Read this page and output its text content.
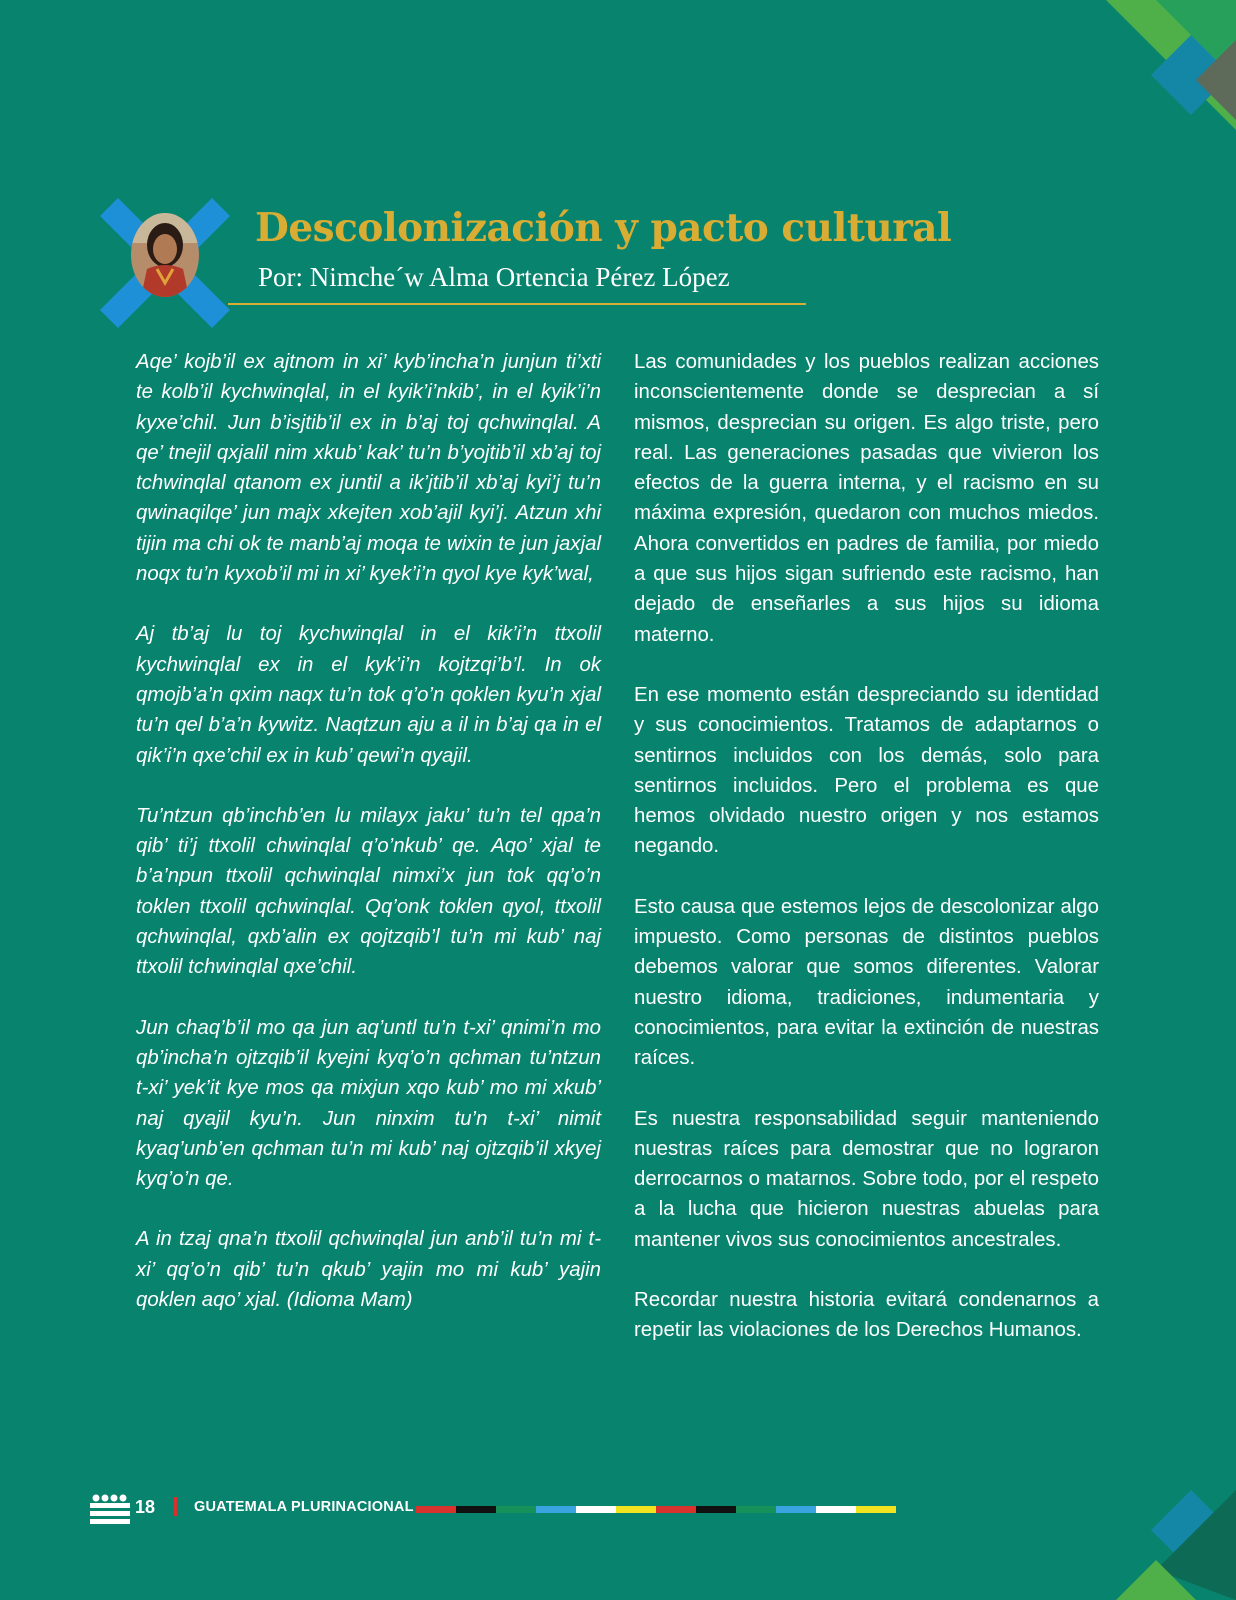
Descolonización y pacto cultural

Por: Nimche´w Alma Ortencia Pérez López

Aqe’ kojb’il ex ajtnom in xi’ kyb’incha’n junjun ti’xti te kolb’il kychwinqlal, in el kyik’i’nkib’, in el kyik’i’n kyxe’chil. Jun b’isjtib’il ex in b’aj toj qchwinqlal. A qe’ tnejil qxjalil nim xkub’ kak’ tu’n b’yojtib’il xb’aj toj tchwinqlal qtanom ex juntil a ik’jtib’il xb’aj kyi’j tu’n qwinaqilqe’ jun majx xkejten xob’ajil kyi’j. Atzun xhi tijin ma chi ok te manb’aj moqa te wixin te jun jaxjal noqx tu’n kyxob’il mi in xi’ kyek’i’n qyol kye kyk’wal,

Aj tb’aj lu toj kychwinqlal in el kik’i’n ttxolil kychwinqlal ex in el kyk’i’n kojtzqi’b’l. In ok qmojb’a’n qxim naqx tu’n tok q’o’n qoklen kyu’n xjal tu’n qel b’a’n kywitz. Naqtzun aju a il in b’aj qa in el qik’i’n qxe’chil ex in kub’ qewi’n qyajil.

Tu’ntzun qb’inchb’en lu milayx jaku’ tu’n tel qpa’n qib’ ti’j ttxolil chwinqlal q’o’nkub’ qe. Aqo’ xjal te b’a’npun ttxolil qchwinqlal nimxi’x jun tok qq’o’n toklen ttxolil qchwinqlal. Qq’onk toklen qyol, ttxolil qchwinqlal, qxb’alin ex qojtzqib’l tu’n mi kub’ naj ttxolil tchwinqlal qxe’chil.

Jun chaq’b’il mo qa jun aq’untl tu’n t-xi’ qnimi’n mo qb’incha’n ojtzqib’il kyejni kyq’o’n qchman tu’ntzun t-xi’ yek’it kye mos qa mixjun xqo kub’ mo mi xkub’ naj qyajil kyu’n. Jun ninxim tu’n t-xi’ nimit kyaq’unb’en qchman tu’n mi kub’ naj ojtzqib’il xkyej kyq’o’n qe.

A in tzaj qna’n ttxolil qchwinqlal jun anb’il tu’n mi t-xi’ qq’o’n qib’ tu’n qkub’ yajin mo mi kub’ yajin qoklen aqo’ xjal. (Idioma Mam)

Las comunidades y los pueblos realizan acciones inconscientemente donde se desprecian a sí mismos, desprecian su origen. Es algo triste, pero real. Las generaciones pasadas que vivieron los efectos de la guerra interna, y el racismo en su máxima expresión, quedaron con muchos miedos. Ahora convertidos en padres de familia, por miedo a que sus hijos sigan sufriendo este racismo, han dejado de enseñarles a sus hijos su idioma materno.

En ese momento están despreciando su identidad y sus conocimientos. Tratamos de adaptarnos o sentirnos incluidos con los demás, solo para sentirnos incluidos. Pero el problema es que hemos olvidado nuestro origen y nos estamos negando.

Esto causa que estemos lejos de descolonizar algo impuesto. Como personas de distintos pueblos debemos valorar que somos diferentes. Valorar nuestro idioma, tradiciones, indumentaria y conocimientos, para evitar la extinción de nuestras raíces.

Es nuestra responsabilidad seguir manteniendo nuestras raíces para demostrar que no lograron derrocarnos o matarnos. Sobre todo, por el respeto a la lucha que hicieron nuestras abuelas para mantener vivos sus conocimientos ancestrales.

Recordar nuestra historia evitará condenarnos a repetir las violaciones de los Derechos Humanos.

18	GUATEMALA PLURINACIONAL
